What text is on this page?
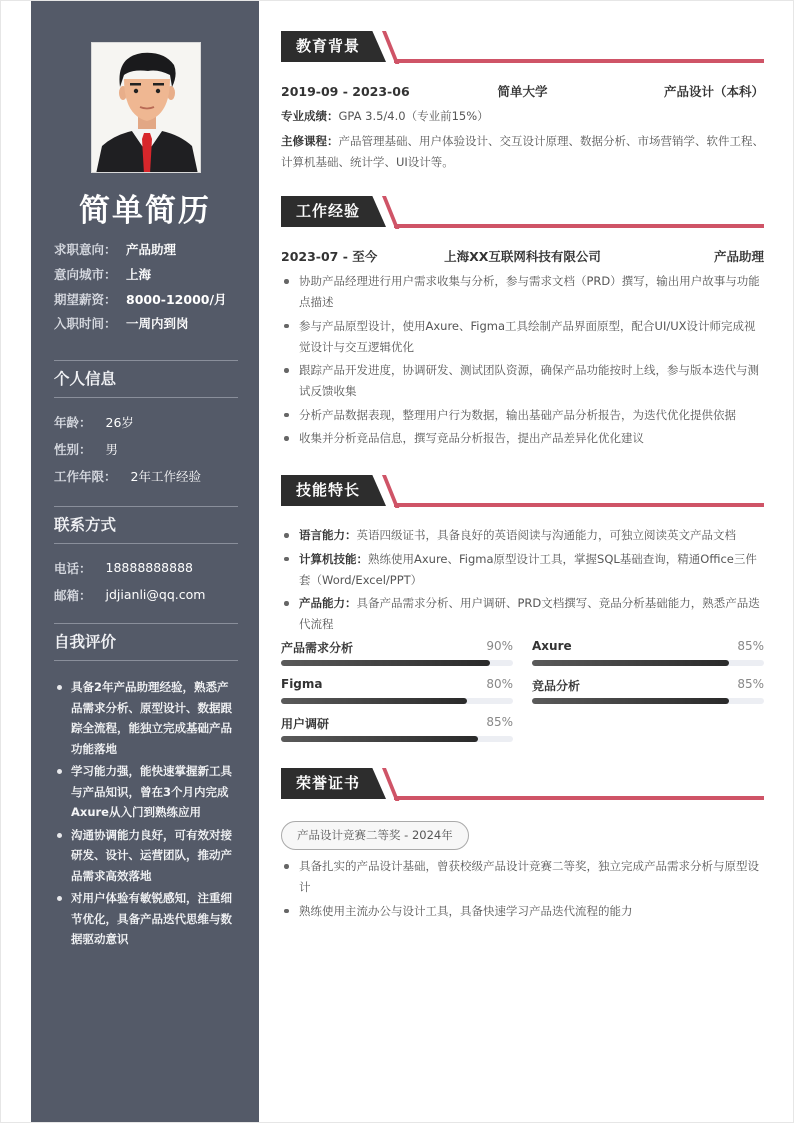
简单简历
求职意向： 产品助理
意向城市： 上海
期望薪资： 8000-12000/月
入职时间： 一周内到岗
个人信息
年龄： 26岁
性别： 男
工作年限： 2年工作经验
联系方式
电话： 18888888888
邮箱： jdjianli@qq.com
自我评价
具备2年产品助理经验，熟悉产品需求分析、原型设计、数据跟踪全流程，能独立完成基础产品功能落地
学习能力强，能快速掌握新工具与产品知识，曾在3个月内完成Axure从入门到熟练应用
沟通协调能力良好，可有效对接研发、设计、运营团队，推动产品需求高效落地
对用户体验有敏锐感知，注重细节优化，具备产品迭代思维与数据驱动意识
教育背景
2019-09 - 2023-06	简单大学	产品设计（本科）
专业成绩：GPA 3.5/4.0（专业前15%）
主修课程：产品管理基础、用户体验设计、交互设计原理、数据分析、市场营销学、软件工程、计算机基础、统计学、UI设计等。
工作经验
2023-07 - 至今	上海XX互联网科技有限公司	产品助理
协助产品经理进行用户需求收集与分析，参与需求文档（PRD）撰写，输出用户故事与功能点描述
参与产品原型设计，使用Axure、Figma工具绘制产品界面原型，配合UI/UX设计师完成视觉设计与交互逻辑优化
跟踪产品开发进度，协调研发、测试团队资源，确保产品功能按时上线，参与版本迭代与测试反馈收集
分析产品数据表现，整理用户行为数据，输出基础产品分析报告，为迭代优化提供依据
收集并分析竞品信息，撰写竞品分析报告，提出产品差异化优化建议
技能特长
语言能力：英语四级证书，具备良好的英语阅读与沟通能力，可独立阅读英文产品文档
计算机技能：熟练使用Axure、Figma原型设计工具，掌握SQL基础查询，精通Office三件套（Word/Excel/PPT）
产品能力：具备产品需求分析、用户调研、PRD文档撰写、竞品分析基础能力，熟悉产品迭代流程
产品需求分析	90% Axure	85%
Figma	80% 竞品分析	85%
用户调研	85%
荣誉证书
产品设计竞赛二等奖 - 2024年
具备扎实的产品设计基础，曾获校级产品设计竞赛二等奖，独立完成产品需求分析与原型设计
熟练使用主流办公与设计工具，具备快速学习产品迭代流程的能力
